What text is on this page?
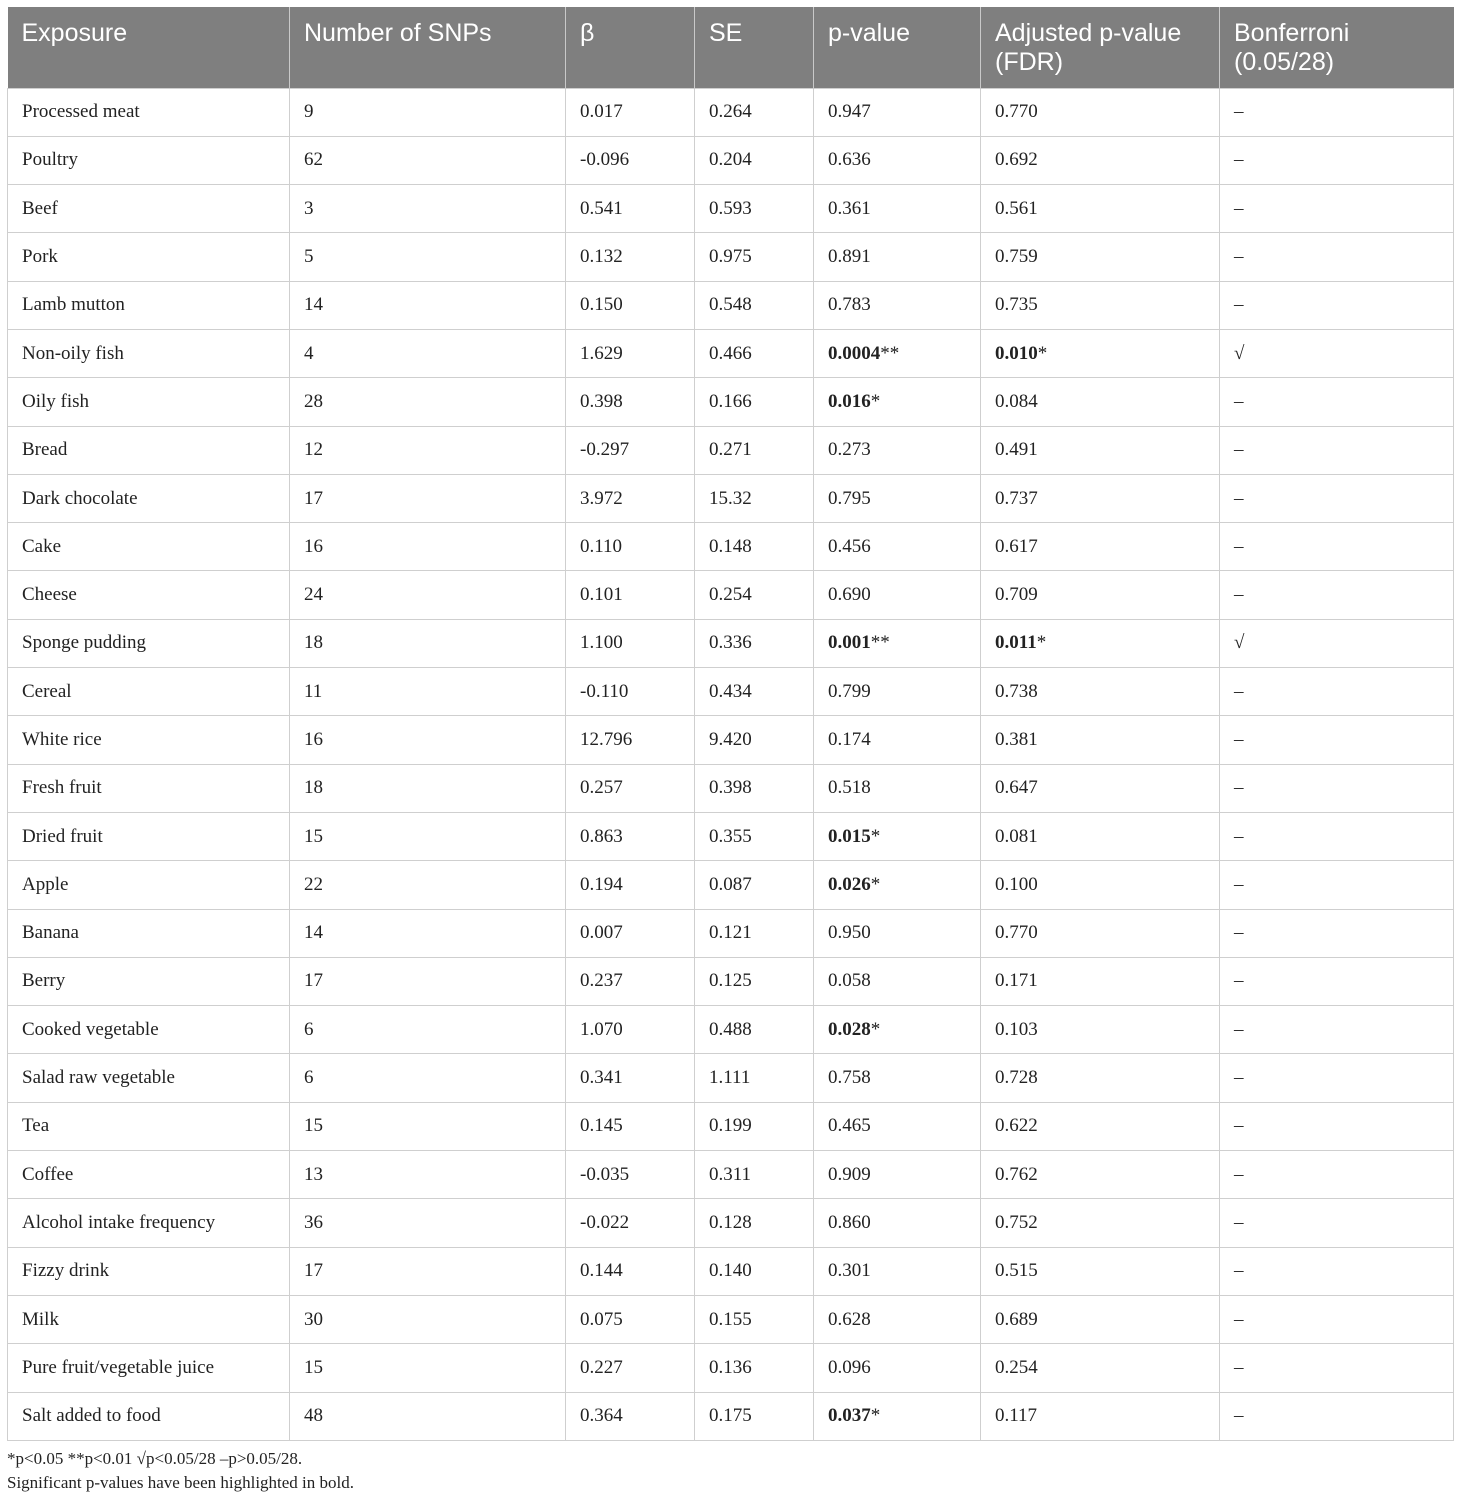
Exposure	Number of SNPs	β	SE	p-value	Adjusted p-value (FDR)	Bonferroni (0.05/28)
Processed meat	9	0.017	0.264	0.947	0.770	–
Poultry	62	-0.096	0.204	0.636	0.692	–
Beef	3	0.541	0.593	0.361	0.561	–
Pork	5	0.132	0.975	0.891	0.759	–
Lamb mutton	14	0.150	0.548	0.783	0.735	–
Non-oily fish	4	1.629	0.466	0.0004**	0.010*	√
Oily fish	28	0.398	0.166	0.016*	0.084	–
Bread	12	-0.297	0.271	0.273	0.491	–
Dark chocolate	17	3.972	15.32	0.795	0.737	–
Cake	16	0.110	0.148	0.456	0.617	–
Cheese	24	0.101	0.254	0.690	0.709	–
Sponge pudding	18	1.100	0.336	0.001**	0.011*	√
Cereal	11	-0.110	0.434	0.799	0.738	–
White rice	16	12.796	9.420	0.174	0.381	–
Fresh fruit	18	0.257	0.398	0.518	0.647	–
Dried fruit	15	0.863	0.355	0.015*	0.081	–
Apple	22	0.194	0.087	0.026*	0.100	–
Banana	14	0.007	0.121	0.950	0.770	–
Berry	17	0.237	0.125	0.058	0.171	–
Cooked vegetable	6	1.070	0.488	0.028*	0.103	–
Salad raw vegetable	6	0.341	1.111	0.758	0.728	–
Tea	15	0.145	0.199	0.465	0.622	–
Coffee	13	-0.035	0.311	0.909	0.762	–
Alcohol intake frequency	36	-0.022	0.128	0.860	0.752	–
Fizzy drink	17	0.144	0.140	0.301	0.515	–
Milk	30	0.075	0.155	0.628	0.689	–
Pure fruit/vegetable juice	15	0.227	0.136	0.096	0.254	–
Salt added to food	48	0.364	0.175	0.037*	0.117	–
*p<0.05 **p<0.01 √p<0.05/28 –p>0.05/28.
Significant p-values have been highlighted in bold.
